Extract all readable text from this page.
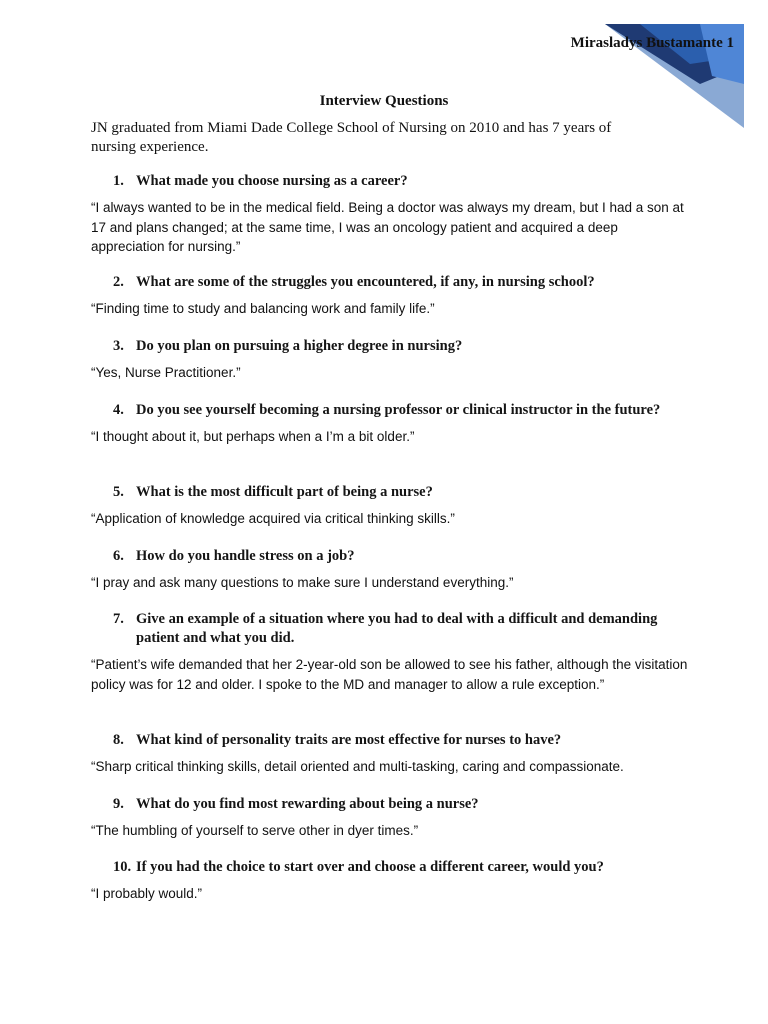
Mirasladys Bustamante 1
Interview Questions
JN graduated from Miami Dade College School of Nursing on 2010 and has 7 years of nursing experience.
1. What made you choose nursing as a career?
“I always wanted to be in the medical field. Being a doctor was always my dream, but I had a son at 17 and plans changed; at the same time, I was an oncology patient and acquired a deep appreciation for nursing.”
2. What are some of the struggles you encountered, if any, in nursing school?
“Finding time to study and balancing work and family life.”
3. Do you plan on pursuing a higher degree in nursing?
“Yes, Nurse Practitioner.”
4. Do you see yourself becoming a nursing professor or clinical instructor in the future?
“I thought about it, but perhaps when a I’m a bit older.”
5. What is the most difficult part of being a nurse?
“Application of knowledge acquired via critical thinking skills.”
6. How do you handle stress on a job?
“I pray and ask many questions to make sure I understand everything.”
7. Give an example of a situation where you had to deal with a difficult and demanding patient and what you did.
“Patient’s wife demanded that her 2-year-old son be allowed to see his father, although the visitation policy was for 12 and older. I spoke to the MD and manager to allow a rule exception.”
8. What kind of personality traits are most effective for nurses to have?
“Sharp critical thinking skills, detail oriented and multi-tasking, caring and compassionate.
9. What do you find most rewarding about being a nurse?
“The humbling of yourself to serve other in dyer times.”
10. If you had the choice to start over and choose a different career, would you?
“I probably would.”
